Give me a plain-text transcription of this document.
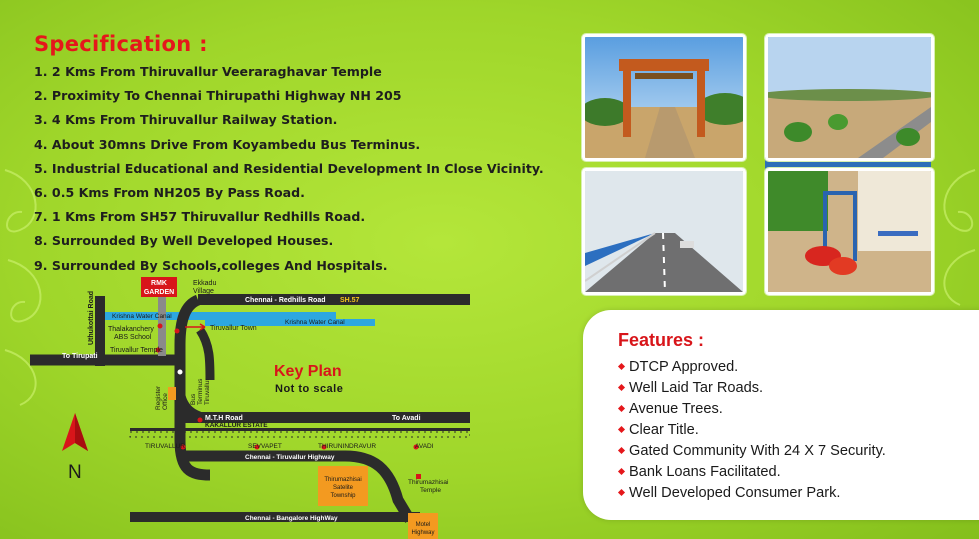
Specification :
1. 2 Kms From Thiruvallur Veeraraghavar Temple
2. Proximity To Chennai Thirupathi Highway NH 205
3. 4 Kms From Thiruvallur Railway Station.
4. About 30mns Drive From Koyambedu Bus Terminus.
5. Industrial Educational and Residential Development In Close Vicinity.
6. 0.5 Kms From NH205 By Pass Road.
7. 1 Kms From SH57 Thiruvallur Redhills Road.
8. Surrounded By Well Developed Houses.
9. Surrounded By Schools,colleges And Hospitals.
Features :
DTCP Approved.
Well Laid Tar Roads.
Avenue Trees.
Clear Title.
Gated Community With 24 X 7 Security.
Bank Loans Facilitated.
Well Developed Consumer Park.
N
RMK
GARDEN
Ekkadu
Village
Chennai - Redhills Road SH.57
Krishna Water Canal
Krishna Water Canal
Thalakanchery
ABS School
Tiruvallur Town
Tiruvallur Temple
To Tirupati
Uthukottai Road
Register Office	Bus Terminus Tiruvallur
Key Plan
Not to scale
M.T.H Road	To Avadi
KAKALLUR ESTATE
TIRUVALLUR	SEVVAPET	THIRUNINDRAVUR	AVADI
Chennai - Tiruvallur Highway
Thirumazhisai
Satelite
Township
Thirumazhisai
Temple
Chennai - Bangalore HighWay
Motel
Highway
